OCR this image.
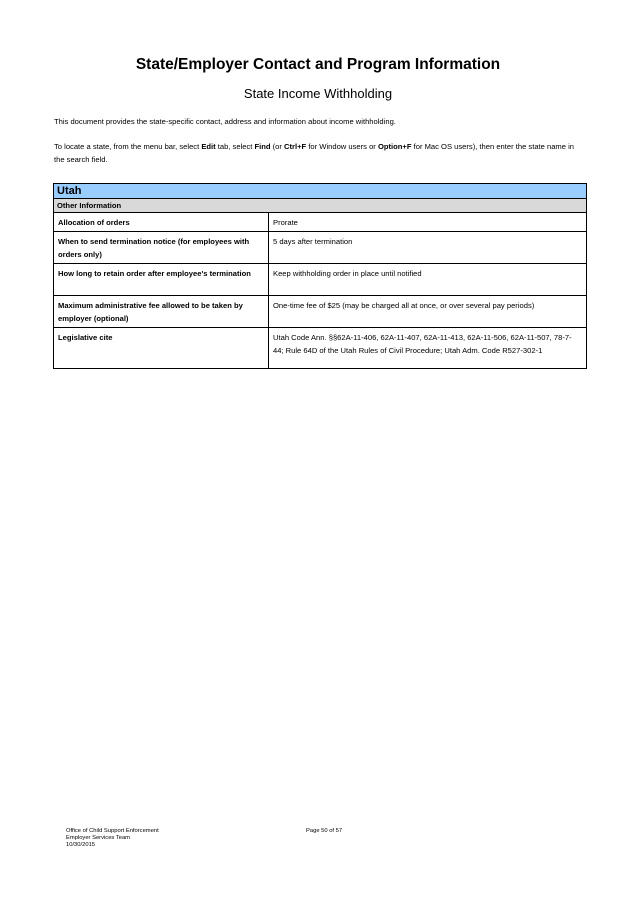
State/Employer Contact and Program Information
State Income Withholding
This document provides the state-specific contact, address and information about income withholding.
To locate a state, from the menu bar, select Edit tab, select Find (or Ctrl+F for Window users or Option+F for Mac OS users), then enter the state name in the search field.
Utah	
Other Information	
Allocation of orders	Prorate
When to send termination notice (for employees with orders only)	5 days after termination
How long to retain order after employee's termination	Keep withholding order in place until notified
Maximum administrative fee allowed to be taken by employer (optional)	One-time fee of $25 (may be charged all at once, or over several pay periods)
Legislative cite	Utah Code Ann. §§62A-11-406, 62A-11-407, 62A-11-413, 62A-11-506, 62A-11-507, 78-7-44; Rule 64D of the Utah Rules of Civil Procedure; Utah Adm. Code R527-302-1
Office of Child Support Enforcement
Employer Services Team
10/30/2015
Page 50 of 57
